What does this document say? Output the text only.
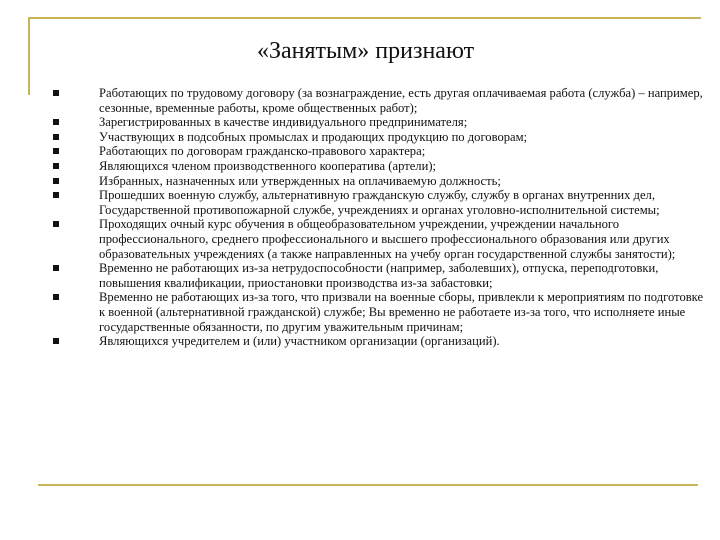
«Занятым» признают
Работающих по трудовому договору (за вознаграждение, есть другая оплачиваемая работа (служба) – например, сезонные, временные работы, кроме общественных работ);
Зарегистрированных в качестве индивидуального предпринимателя;
Участвующих в подсобных промыслах и продающих продукцию по договорам;
Работающих по договорам гражданско-правового характера;
Являющихся членом производственного кооператива (артели);
Избранных, назначенных или утвержденных на оплачиваемую должность;
Прошедших военную службу, альтернативную гражданскую службу, службу в органах внутренних дел, Государственной противопожарной службе, учреждениях и органах уголовно-исполнительной системы;
Проходящих очный курс обучения в общеобразовательном учреждении, учреждении начального профессионального, среднего профессионального и высшего профессионального образования или других образовательных учреждениях (а также направленных на учебу орган государственной службы занятости);
Временно не работающих из-за нетрудоспособности (например, заболевших), отпуска, переподготовки, повышения квалификации, приостановки производства из-за забастовки;
Временно не работающих из-за того, что призвали на военные сборы, привлекли к мероприятиям по подготовке к военной (альтернативной гражданской) службе; Вы временно не работаете из-за того, что исполняете иные государственные обязанности, по другим уважительным причинам;
Являющихся учредителем и (или) участником организации (организаций).
